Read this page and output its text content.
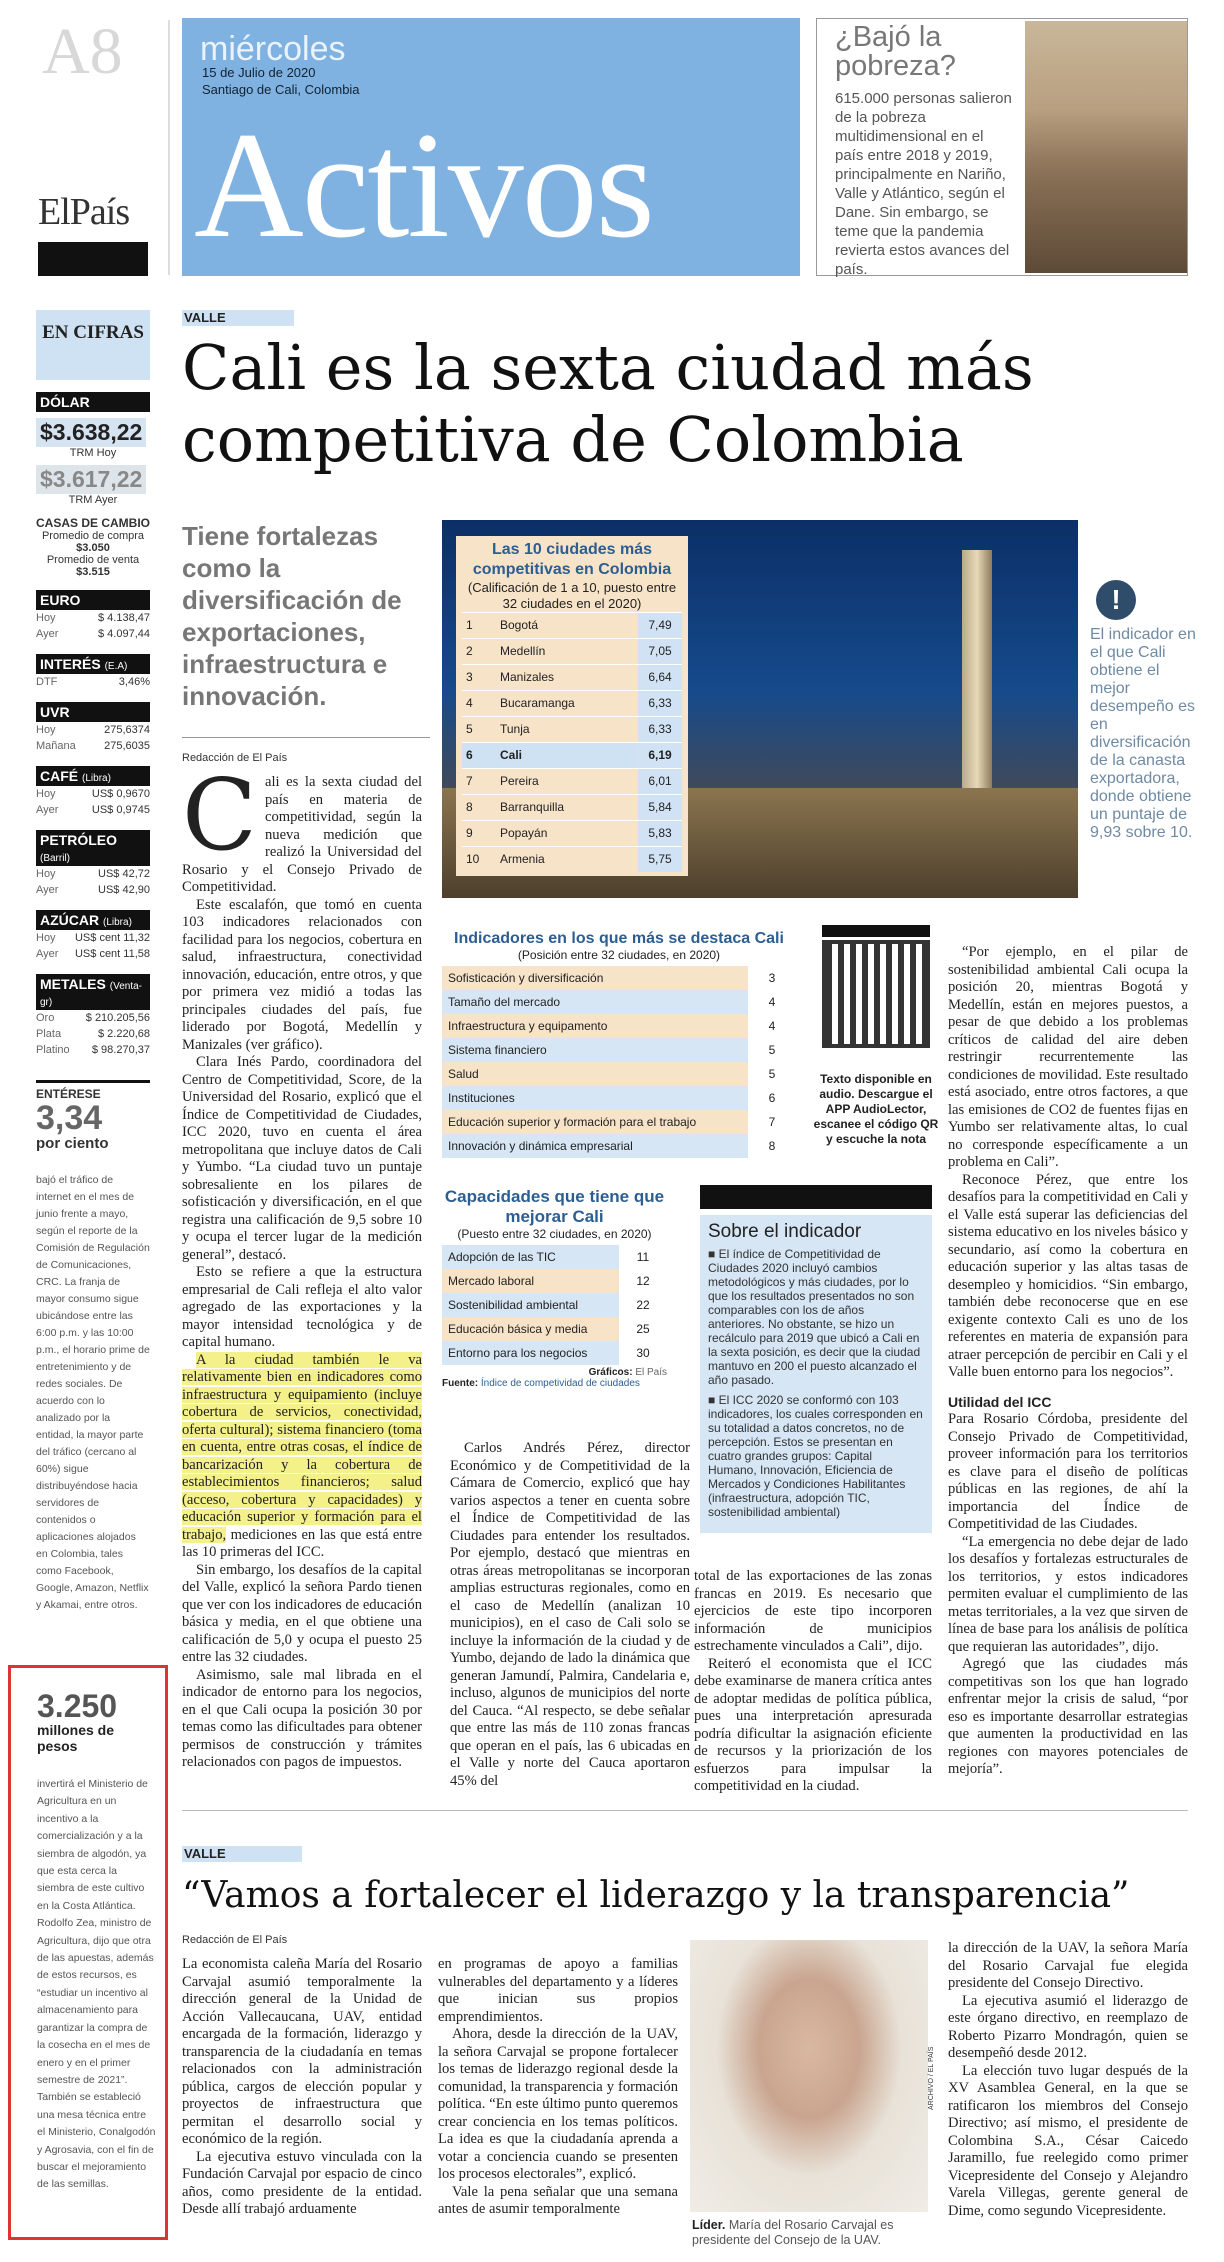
A8
ElPaís
miércoles
15 de Julio de 2020
Santiago de Cali, Colombia
Activos
¿Bajó la pobreza?
615.000 personas salieron de la pobreza multidimensional en el país entre 2018 y 2019, principalmente en Nariño, Valle y Atlántico, según el Dane. Sin embargo, se teme que la pandemia revierta estos avances del país.
EN CIFRAS
DÓLAR
$3.638,22
TRM Hoy
$3.617,22
TRM Ayer
CASAS DE CAMBIO
Promedio de compra
$3.050
Promedio de venta
$3.515
EURO
Hoy	$ 4.138,47
Ayer	$ 4.097,44
INTERÉS (E.A)
DTF	3,46%
UVR
Hoy	275,6374
Mañana	275,6035
CAFÉ (Libra)
Hoy	US$ 0,9670
Ayer	US$ 0,9745
PETRÓLEO (Barril)
Hoy	US$ 42,72
Ayer	US$ 42,90
AZÚCAR (Libra)
Hoy US$ cent 11,32
Ayer US$ cent 11,58
METALES (Venta-gr)
Oro	$ 210.205,56
Plata	$ 2.220,68
Platino $ 98.270,37
ENTÉRESE
3,34
por ciento
bajó el tráfico de internet en el mes de junio frente a mayo, según el reporte de la Comisión de Regulación de Comunicaciones, CRC. La franja de mayor consumo sigue ubicándose entre las 6:00 p.m. y las 10:00 p.m., el horario prime de entretenimiento y de redes sociales. De acuerdo con lo analizado por la entidad, la mayor parte del tráfico (cercano al 60%) sigue distribuyéndose hacia servidores de contenidos o aplicaciones alojados en Colombia, tales como Facebook, Google, Amazon, Netflix y Akamai, entre otros.
3.250
millones de pesos
invertirá el Ministerio de Agricultura en un incentivo a la comercialización y a la siembra de algodón, ya que esta cerca la siembra de este cultivo en la Costa Atlántica. Rodolfo Zea, ministro de Agricultura, dijo que otra de las apuestas, además de estos recursos, es “estudiar un incentivo al almacenamiento para garantizar la compra de la cosecha en el mes de enero y en el primer semestre de 2021”. También se estableció una mesa técnica entre el Ministerio, Conalgodón y Agrosavia, con el fin de buscar el mejoramiento de las semillas.
VALLE
Cali es la sexta ciudad más competitiva de Colombia
Tiene fortalezas como la diversificación de exportaciones, infraestructura e innovación.
Redacción de El País

Cali es la sexta ciudad del país en materia de competitividad, según la nueva medición que realizó la Universidad del Rosario y el Consejo Privado de Competitividad.

Este escalafón, que tomó en cuenta 103 indicadores relacionados con facilidad para los negocios, cobertura en salud, infraestructura, conectividad innovación, educación, entre otros, y que por primera vez midió a todas las principales ciudades del país, fue liderado por Bogotá, Medellín y Manizales (ver gráfico).

Clara Inés Pardo, coordinadora del Centro de Competitividad, Score, de la Universidad del Rosario, explicó que el Índice de Competitividad de Ciudades, ICC 2020, tuvo en cuenta el área metropolitana que incluye datos de Cali y Yumbo. “La ciudad tuvo un puntaje sobresaliente en los pilares de sofisticación y diversificación, en el que registra una calificación de 9,5 sobre 10 y ocupa el tercer lugar de la medición general”, destacó.

Esto se refiere a que la estructura empresarial de Cali refleja el alto valor agregado de las exportaciones y la mayor intensidad tecnológica y de capital humano.

A la ciudad también le va relativamente bien en indicadores como infraestructura y equipamiento (incluye cobertura de servicios, conectividad, oferta cultural); sistema financiero (toma en cuenta, entre otras cosas, el índice de bancarización y la cobertura de establecimientos financieros; salud (acceso, cobertura y capacidades) y educación superior y formación para el trabajo, mediciones en las que está entre las 10 primeras del ICC.

Sin embargo, los desafíos de la capital del Valle, explicó la señora Pardo tienen que ver con los indicadores de educación básica y media, en el que obtiene una calificación de 5,0 y ocupa el puesto 25 entre las 32 ciudades.

Asimismo, sale mal librada en el indicador de entorno para los negocios, en el que Cali ocupa la posición 30 por temas como las dificultades para obtener permisos de construcción y trámites relacionados con pagos de impuestos.

Las 10 ciudades más competitivas en Colombia
(Calificación de 1 a 10, puesto entre 32 ciudades en el 2020)
1	Bogotá	7,49
2	Medellín	7,05
3	Manizales	6,64
4	Bucaramanga	6,33
5	Tunja	6,33
6	Cali	6,19
7	Pereira	6,01
8	Barranquilla	5,84
9	Popayán	5,83
10	Armenia	5,75
!
El indicador en el que Cali obtiene el mejor desempeño es en diversificación de la canasta exportadora, donde obtiene un puntaje de 9,93 sobre 10.
Indicadores en los que más se destaca Cali
(Posición entre 32 ciudades, en 2020)
Sofisticación y diversificación	3
Tamaño del mercado	4
Infraestructura y equipamento	4
Sistema financiero	5
Salud	5
Instituciones	6
Educación superior y formación para el trabajo	7
Innovación y dinámica empresarial	8
Capacidades que tiene que mejorar Cali
(Puesto entre 32 ciudades, en 2020)
Adopción de las TIC	11
Mercado laboral	12
Sostenibilidad ambiental	22
Educación básica y media	25
Entorno para los negocios	30
Gráficos: El País
Fuente: Índice de competividad de ciudades
Texto disponible en audio. Descargue el APP AudioLector, escanee el código QR y escuche la nota
Sobre el indicador

■ El índice de Competitividad de Ciudades 2020 incluyó cambios metodológicos y más ciudades, por lo que los resultados presentados no son comparables con los de años anteriores. No obstante, se hizo un recálculo para 2019 que ubicó a Cali en la sexta posición, es decir que la ciudad mantuvo en 200 el puesto alcanzado el año pasado.

■ El ICC 2020 se conformó con 103 indicadores, los cuales corresponden en su totalidad a datos concretos, no de percepción. Estos se presentan en cuatro grandes grupos: Capital Humano, Innovación, Eficiencia de Mercados y Condiciones Habilitantes (infraestructura, adopción TIC, sostenibilidad ambiental)

Carlos Andrés Pérez, director Económico y de Competitividad de la Cámara de Comercio, explicó que hay varios aspectos a tener en cuenta sobre el Índice de Competitividad de las Ciudades para entender los resultados. Por ejemplo, destacó que mientras en otras áreas metropolitanas se incorporan amplias estructuras regionales, como en el caso de Medellín (analizan 10 municipios), en el caso de Cali solo se incluye la información de la ciudad y de Yumbo, dejando de lado la dinámica que generan Jamundí, Palmira, Candelaria e, incluso, algunos de municipios del norte del Cauca. “Al respecto, se debe señalar que entre las más de 110 zonas francas que operan en el país, las 6 ubicadas en el Valle y norte del Cauca aportaron 45% del

total de las exportaciones de las zonas francas en 2019. Es necesario que ejercicios de este tipo incorporen información de municipios estrechamente vinculados a Cali”, dijo.

Reiteró el economista que el ICC debe examinarse de manera crítica antes de adoptar medidas de política pública, pues una interpretación apresurada podría dificultar la asignación eficiente de recursos y la priorización de los esfuerzos para impulsar la competitividad en la ciudad.

“Por ejemplo, en el pilar de sostenibilidad ambiental Cali ocupa la posición 20, mientras Bogotá y Medellín, están en mejores puestos, a pesar de que debido a los problemas críticos de calidad del aire deben restringir recurrentemente las condiciones de movilidad. Este resultado está asociado, entre otros factores, a que las emisiones de CO2 de fuentes fijas en Yumbo ser relativamente altas, lo cual no corresponde específicamente a un problema en Cali”.

Reconoce Pérez, que entre los desafíos para la competitividad en Cali y el Valle está superar las deficiencias del sistema educativo en los niveles básico y secundario, así como la cobertura en educación superior y las altas tasas de desempleo y homicidios. “Sin embargo, también debe reconocerse que en ese exigente contexto Cali es uno de los referentes en materia de expansión para atraer percepción de percibir en Cali y el Valle buen entorno para los negocios”.

Utilidad del ICC

Para Rosario Córdoba, presidente del Consejo Privado de Competitividad, proveer información para los territorios es clave para el diseño de políticas públicas en las regiones, de ahí la importancia del Índice de Competitividad de las Ciudades.

“La emergencia no debe dejar de lado los desafíos y fortalezas estructurales de los territorios, y estos indicadores permiten evaluar el cumplimiento de las metas territoriales, a la vez que sirven de línea de base para los análisis de política que requieran las autoridades”, dijo.

Agregó que las ciudades más competitivas son los que han logrado enfrentar mejor la crisis de salud, “por eso es importante desarrollar estrategias que aumenten la productividad en las regiones con mayores potenciales de mejoría”.

VALLE
“Vamos a fortalecer el liderazgo y la transparencia”
Redacción de El País

La economista caleña María del Rosario Carvajal asumió temporalmente la dirección general de la Unidad de Acción Vallecaucana, UAV, entidad encargada de la formación, liderazgo y transparencia de la ciudadanía en temas relacionados con la administración pública, cargos de elección popular y proyectos de infraestructura que permitan el desarrollo social y económico de la región.

La ejecutiva estuvo vinculada con la Fundación Carvajal por espacio de cinco años, como presidente de la entidad. Desde allí trabajó arduamente

en programas de apoyo a familias vulnerables del departamento y a líderes que inician sus propios emprendimientos.

Ahora, desde la dirección de la UAV, la señora Carvajal se propone fortalecer los temas de liderazgo regional desde la comunidad, la transparencia y formación política. “En este último punto queremos crear conciencia en los temas políticos. La idea es que la ciudadanía aprenda a votar a conciencia cuando se presenten los procesos electorales”, explicó.

Vale la pena señalar que una semana antes de asumir temporalmente

ARCHIVO / EL PAÍS
Líder. María del Rosario Carvajal es presidente del Consejo de la UAV.

la dirección de la UAV, la señora María del Rosario Carvajal fue elegida presidente del Consejo Directivo.

La ejecutiva asumió el liderazgo de este órgano directivo, en reemplazo de Roberto Pizarro Mondragón, quien se desempeñó desde 2012.

La elección tuvo lugar después de la XV Asamblea General, en la que se ratificaron los miembros del Consejo Directivo; así mismo, el presidente de Colombina S.A., César Caicedo Jaramillo, fue reelegido como primer Vicepresidente del Consejo y Alejandro Varela Villegas, gerente general de Dime, como segundo Vicepresidente.
